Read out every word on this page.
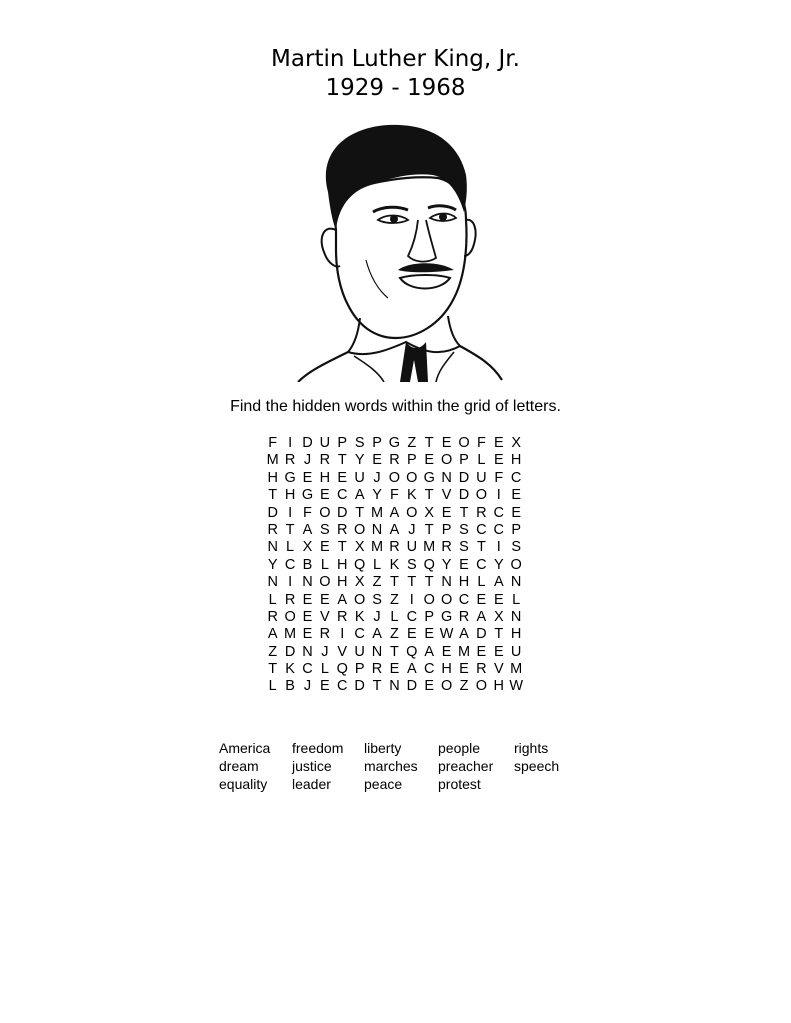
Martin Luther King, Jr.
1929 - 1968
Find the hidden words within the grid of letters.
F I D U P S P G Z T E O F E X
M R J R T Y E R P E O P L E H
H G E H E U J O O G N D U F C
T H G E C A Y F K T V D O I E
D I F O D T M A O X E T R C E
R T A S R O N A J T P S C C P
N L X E T X M R U M R S T I S
Y C B L H Q L K S Q Y E C Y O
N I N O H X Z T T T N H L A N
L R E E A O S Z I O O C E E L
R O E V R K J L C P G R A X N
A M E R I C A Z E E W A D T H
Z D N J V U N T Q A E M E E U
T K C L Q P R E A C H E R V M
L B J E C D T N D E O Z O H W
America
dream
equality
freedom
justice
leader
liberty
marches
peace
people
preacher
protest
rights
speech
